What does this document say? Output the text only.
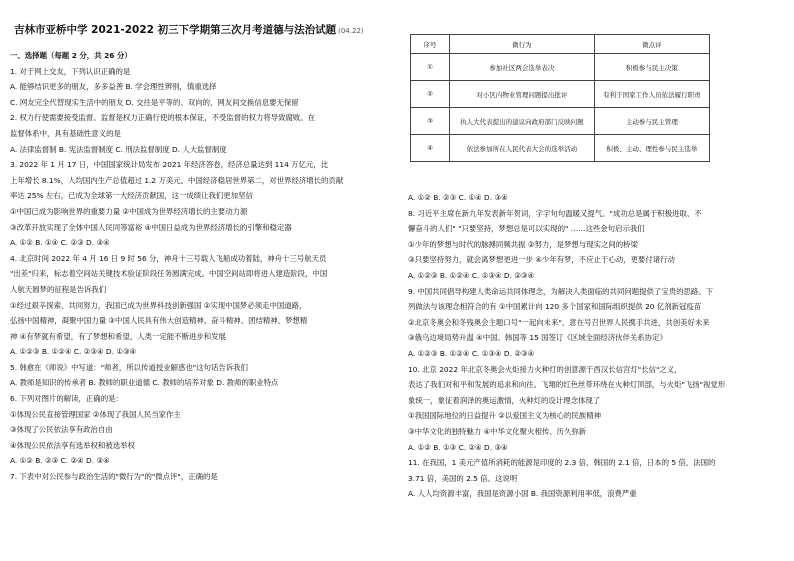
吉林市亚桥中学 2021-2022 初三下学期第三次月考道德与法治试题 (04.22)
一、选择题（每题 2 分，共 26 分）
1. 对于网上交友，下列认识正确的是
A. 能够结识更多的朋友，多多益善 B. 学会理性辨别，慎重选择
C. 网友完全代替现实生活中的朋友 D. 交往是平等的、双向的，网友间交换信息要无保留
2. 权力行使需要接受监督。监督是权力正确行使的根本保证，不受监督的权力将导致腐败。在
监督体系中，具有基础性意义的是
A. 法律监督制 B. 宪法监督制度 C. 刑法监督制度 D. 人大监督制度
3. 2022 年 1 月 17 日，中国国家统计局发布 2021 年经济答卷，经济总量达到 114 万亿元，比
上年增长 8.1%，人均国内生产总值超过 1.2 万美元。中国经济稳居世界第二，对世界经济增长的贡献
率达 25% 左右，已成为全球第一大经济贡献国，这一成绩让我们更加坚信
①中国已成为影响世界的重要力量 ②中国成为世界经济增长的主要动力源
③改革开放实现了全体中国人民同等富裕 ④中国日益成为世界经济增长的引擎和稳定器
A. ①② B. ①④ C. ②③ D. ③④
4. 北京时间 2022 年 4 月 16 日 9 时 56 分，神舟十三号载人飞船成功着陆，神舟十三号航天员
"出差"归来，标志着空间站关键技术验证阶段任务圆满完成。中国空间站即将进入建造阶段，中国
人航天圆梦的征程是告诉我们
①经过艰辛探索、共同努力，我国已成为世界科技创新强国 ②实现中国梦必须走中国道路，
弘扬中国精神，凝聚中国力量 ③中国人民具有伟大创造精神、奋斗精神、团结精神、梦想精
神 ④有梦就有希望，有了梦想和希望，人类一定能不断进步和发展
A. ①②③ B. ①②④ C. ②③④ D. ①③④
5. 韩愈在《师说》中写道："师者，所以传道授业解惑也"这句话告诉我们
A. 教师是知识的传承者 B. 教师的职业道德 C. 教师的培养对象 D. 教师的职业特点
6. 下列对图片的解读，正确的是：
①体现公民直接管理国家 ②体现了我国人民当家作主
③体现了公民依法享有政治自由
④体现公民依法享有选举权和被选举权
A. ①② B. ②③ C. ②④ D. ③④
7. 下表中对公民参与政治生活的"微行为"的"微点评"，正确的是
序号	微行为	微点评
①	参加社区两会选举表决	积极参与民主决策
②	对小区内物业管理问题提出批评	有利于国家工作人员依法履行职责
③	执人大代表提出的建议向政府部门反映问题	主动参与民主管理
④	依法参加所在人民代表大会的选举活动	积极、主动、理性参与民主选举
A. ①② B. ②③ C. ①④ D. ③④
8. 习近平主席在新九年发表新年贺词，字字句句温暖又提气。"成功总是属于积极进取、不
懈奋斗的人们" "只要坚持，梦想总是可以实现的" ……这些金句启示我们
①少年的梦想与时代的脉搏同频共振 ②努力，是梦想与现实之间的桥梁
③只要坚持努力，就会离梦想更进一步 ④少年有梦，不应止于心动，更要付诸行动
A. ①②③ B. ①②④ C. ①③④ D. ②③④
9. 中国共同倡导构建人类命运共同体理念，为解决人类面临的共同问题提供了宝贵的思路。下
列做法与该理念相符合的有 ①中国累计向 120 多个国家和国际组织提供 20 亿剂新冠疫苗
②北京冬奥会和冬残奥会主题口号"一起向未来"，意在号召世界人民携手共进，共创美好未来
③俄乌边境局势升温 ④中国、韩国等 15 国签订《区域全面经济伙伴关系协定》
A. ①②③ B. ①②④ C. ①③④ D. ②③④
10. 北京 2022 年北京冬奥会火炬接力火种灯的创意源于西汉长信宫灯"长信"之义，
表达了我们对和平和发展的追求和向往。飞翔的红色丝带环绕在火种灯顶部，与火炬"飞扬"视觉形
象统一，象征着润泽的奥运激情，火种灯的设计理念体现了
①我国国际地位的日益提升 ②以爱国主义为核心的民族精神
③中华文化的独特魅力 ④中华文化聚火相传、历久弥新
A. ①② B. ①③ C. ②④ D. ③④
11. 在我国，1 美元产值所消耗的能源是印度的 2.3 倍，韩国的 2.1 倍，日本的 5 倍，法国的
3.71 倍，美国的 2.5 倍。这说明
A. 人人均资源丰富，我国是资源小国 B. 我国资源利用率低，浪费严重
